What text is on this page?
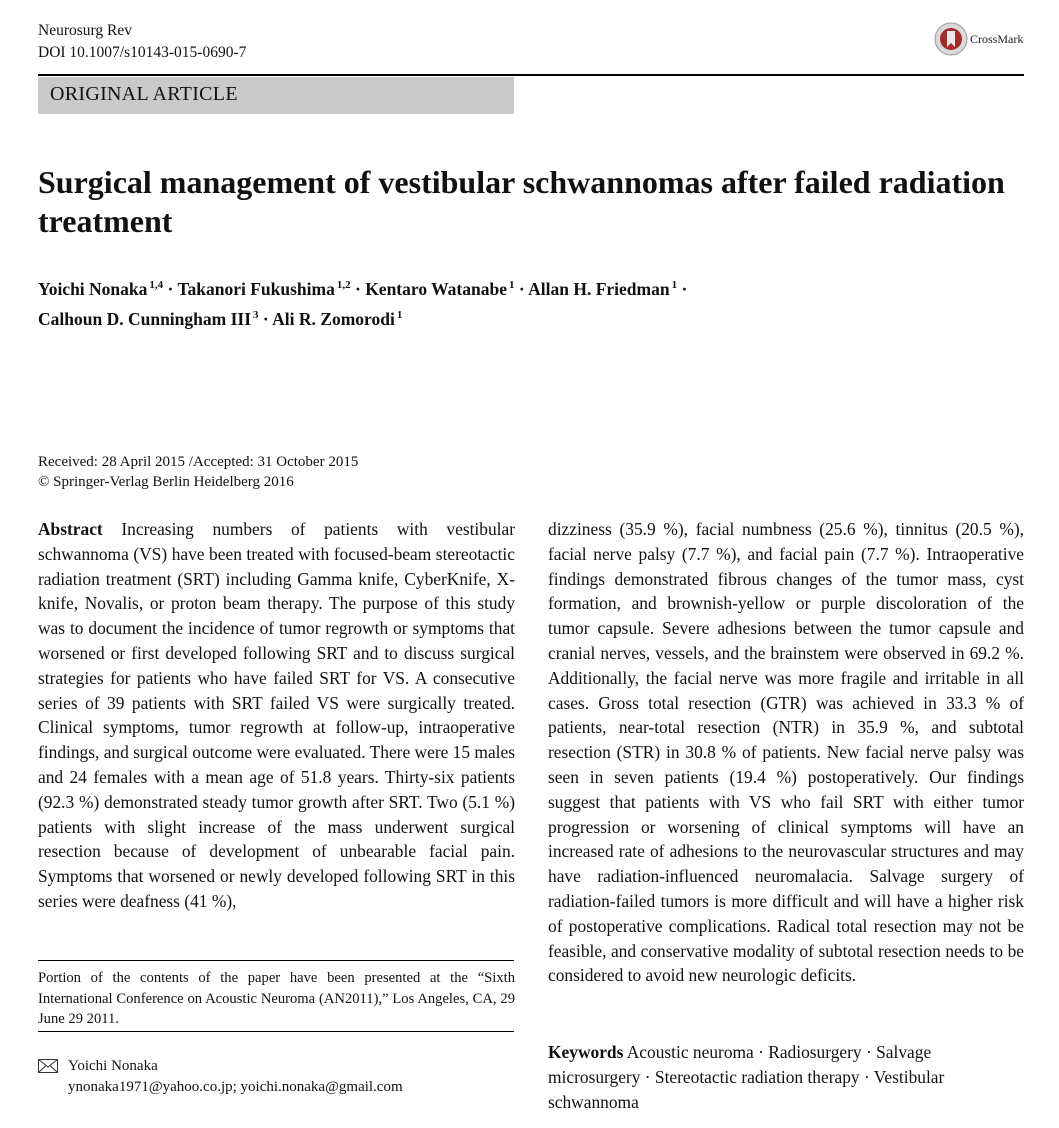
Neurosurg Rev
DOI 10.1007/s10143-015-0690-7
CrossMark
ORIGINAL ARTICLE
Surgical management of vestibular schwannomas after failed radiation treatment
Yoichi Nonaka $^{1,4}$ · Takanori Fukushima $^{1,2}$ · Kentaro Watanabe $^1$ · Allan H. Friedman $^1$ ·
Calhoun D. Cunningham III $^3$ · Ali R. Zomorodi $^1$
Received: 28 April 2015 /Accepted: 31 October 2015
© Springer-Verlag Berlin Heidelberg 2016

Abstract Increasing numbers of patients with vestibular schwannoma (VS) have been treated with focused-beam stereotactic radiation treatment (SRT) including Gamma knife, CyberKnife, X-knife, Novalis, or proton beam therapy. The purpose of this study was to document the incidence of tumor regrowth or symptoms that worsened or first developed following SRT and to discuss surgical strategies for patients who have failed SRT for VS. A consecutive series of 39 patients with SRT failed VS were surgically treated. Clinical symptoms, tumor regrowth at follow-up, intraoperative findings, and surgical outcome were evaluated. There were 15 males and 24 females with a mean age of 51.8 years. Thirty-six patients (92.3 %) demonstrated steady tumor growth after SRT. Two (5.1 %) patients with slight increase of the mass underwent surgical resection because of development of unbearable facial pain. Symptoms that worsened or newly developed following SRT in this series were deafness (41 %),

dizziness (35.9 %), facial numbness (25.6 %), tinnitus (20.5 %), facial nerve palsy (7.7 %), and facial pain (7.7 %). Intraoperative findings demonstrated fibrous changes of the tumor mass, cyst formation, and brownish-yellow or purple discoloration of the tumor capsule. Severe adhesions between the tumor capsule and cranial nerves, vessels, and the brainstem were observed in 69.2 %. Additionally, the facial nerve was more fragile and irritable in all cases. Gross total resection (GTR) was achieved in 33.3 % of patients, near-total resection (NTR) in 35.9 %, and subtotal resection (STR) in 30.8 % of patients. New facial nerve palsy was seen in seven patients (19.4 %) postoperatively. Our findings suggest that patients with VS who fail SRT with either tumor progression or worsening of clinical symptoms will have an increased rate of adhesions to the neurovascular structures and may have radiation-influenced neuromalacia. Salvage surgery of radiation-failed tumors is more difficult and will have a higher risk of postoperative complications. Radical total resection may not be feasible, and conservative modality of subtotal resection needs to be considered to avoid new neurologic deficits.

Portion of the contents of the paper have been presented at the “Sixth International Conference on Acoustic Neuroma (AN2011),” Los Angeles, CA, 29 June 29 2011.
Yoichi Nonaka
ynonaka1971@yahoo.co.jp; yoichi.nonaka@gmail.com
Keywords Acoustic neuroma · Radiosurgery · Salvage microsurgery · Stereotactic radiation therapy · Vestibular schwannoma
